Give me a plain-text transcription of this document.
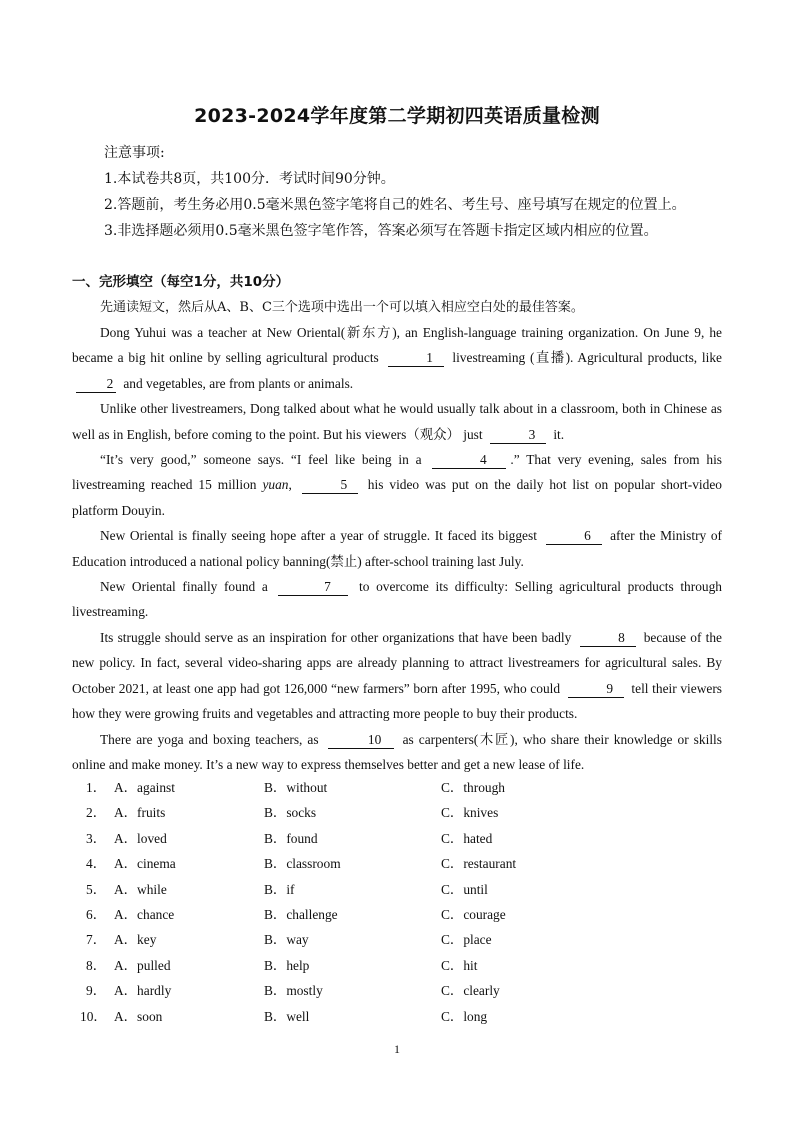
2023-2024学年度第二学期初四英语质量检测
注意事项:
1.本试卷共8页，共100分．考试时间90分钟。
2.答题前，考生务必用0.5毫米黑色签字笔将自己的姓名、考生号、座号填写在规定的位置上。
3.非选择题必须用0.5毫米黑色签字笔作答，答案必须写在答题卡指定区域内相应的位置。
一、完形填空（每空1分，共10分）
先通读短文，然后从A、B、C三个选项中选出一个可以填入相应空白处的最佳答案。

Dong Yuhui was a teacher at New Oriental(新东方), an English-language training organization. On June 9, he became a big hit online by selling agricultural products	1 livestreaming (直播). Agricultural products, like 2 and vegetables, are from plants or animals.

Unlike other livestreamers, Dong talked about what he would usually talk about in a classroom, both in Chinese as well as in English, before coming to the point. But his viewers（观众） just	3 it.

“It’s very good,” someone says. “I feel like being in a	4 .” That very evening, sales from his livestreaming reached 15 million yuan,	5 his video was put on the daily hot list on popular short-video platform Douyin.

New Oriental is finally seeing hope after a year of struggle. It faced its biggest	6 after the Ministry of Education introduced a national policy banning(禁止) after-school training last July.

New Oriental finally found a	7 to overcome its difficulty: Selling agricultural products through livestreaming.

Its struggle should serve as an inspiration for other organizations that have been badly	8 because of the new policy. In fact, several video-sharing apps are already planning to attract livestreamers for agricultural sales. By October 2021, at least one app had got 126,000 “new farmers” born after 1995, who could	9 tell their viewers how they were growing fruits and vegetables and attracting more people to buy their products.

There are yoga and boxing teachers, as	10 as carpenters(木匠), who share their knowledge or skills online and make money. It’s a new way to express themselves better and get a new lease of life.

1． A．against	B．without	C．through
2． A．fruits	B．socks	C．knives
3． A．loved	B．found	C．hated
4． A．cinema	B．classroom	C．restaurant
5． A．while	B．if	C．until
6． A．chance	B．challenge	C．courage
7． A．key	B．way	C．place
8． A．pulled	B．help	C．hit
9． A．hardly	B．mostly	C．clearly
10． A．soon	B．well	C．long
1
